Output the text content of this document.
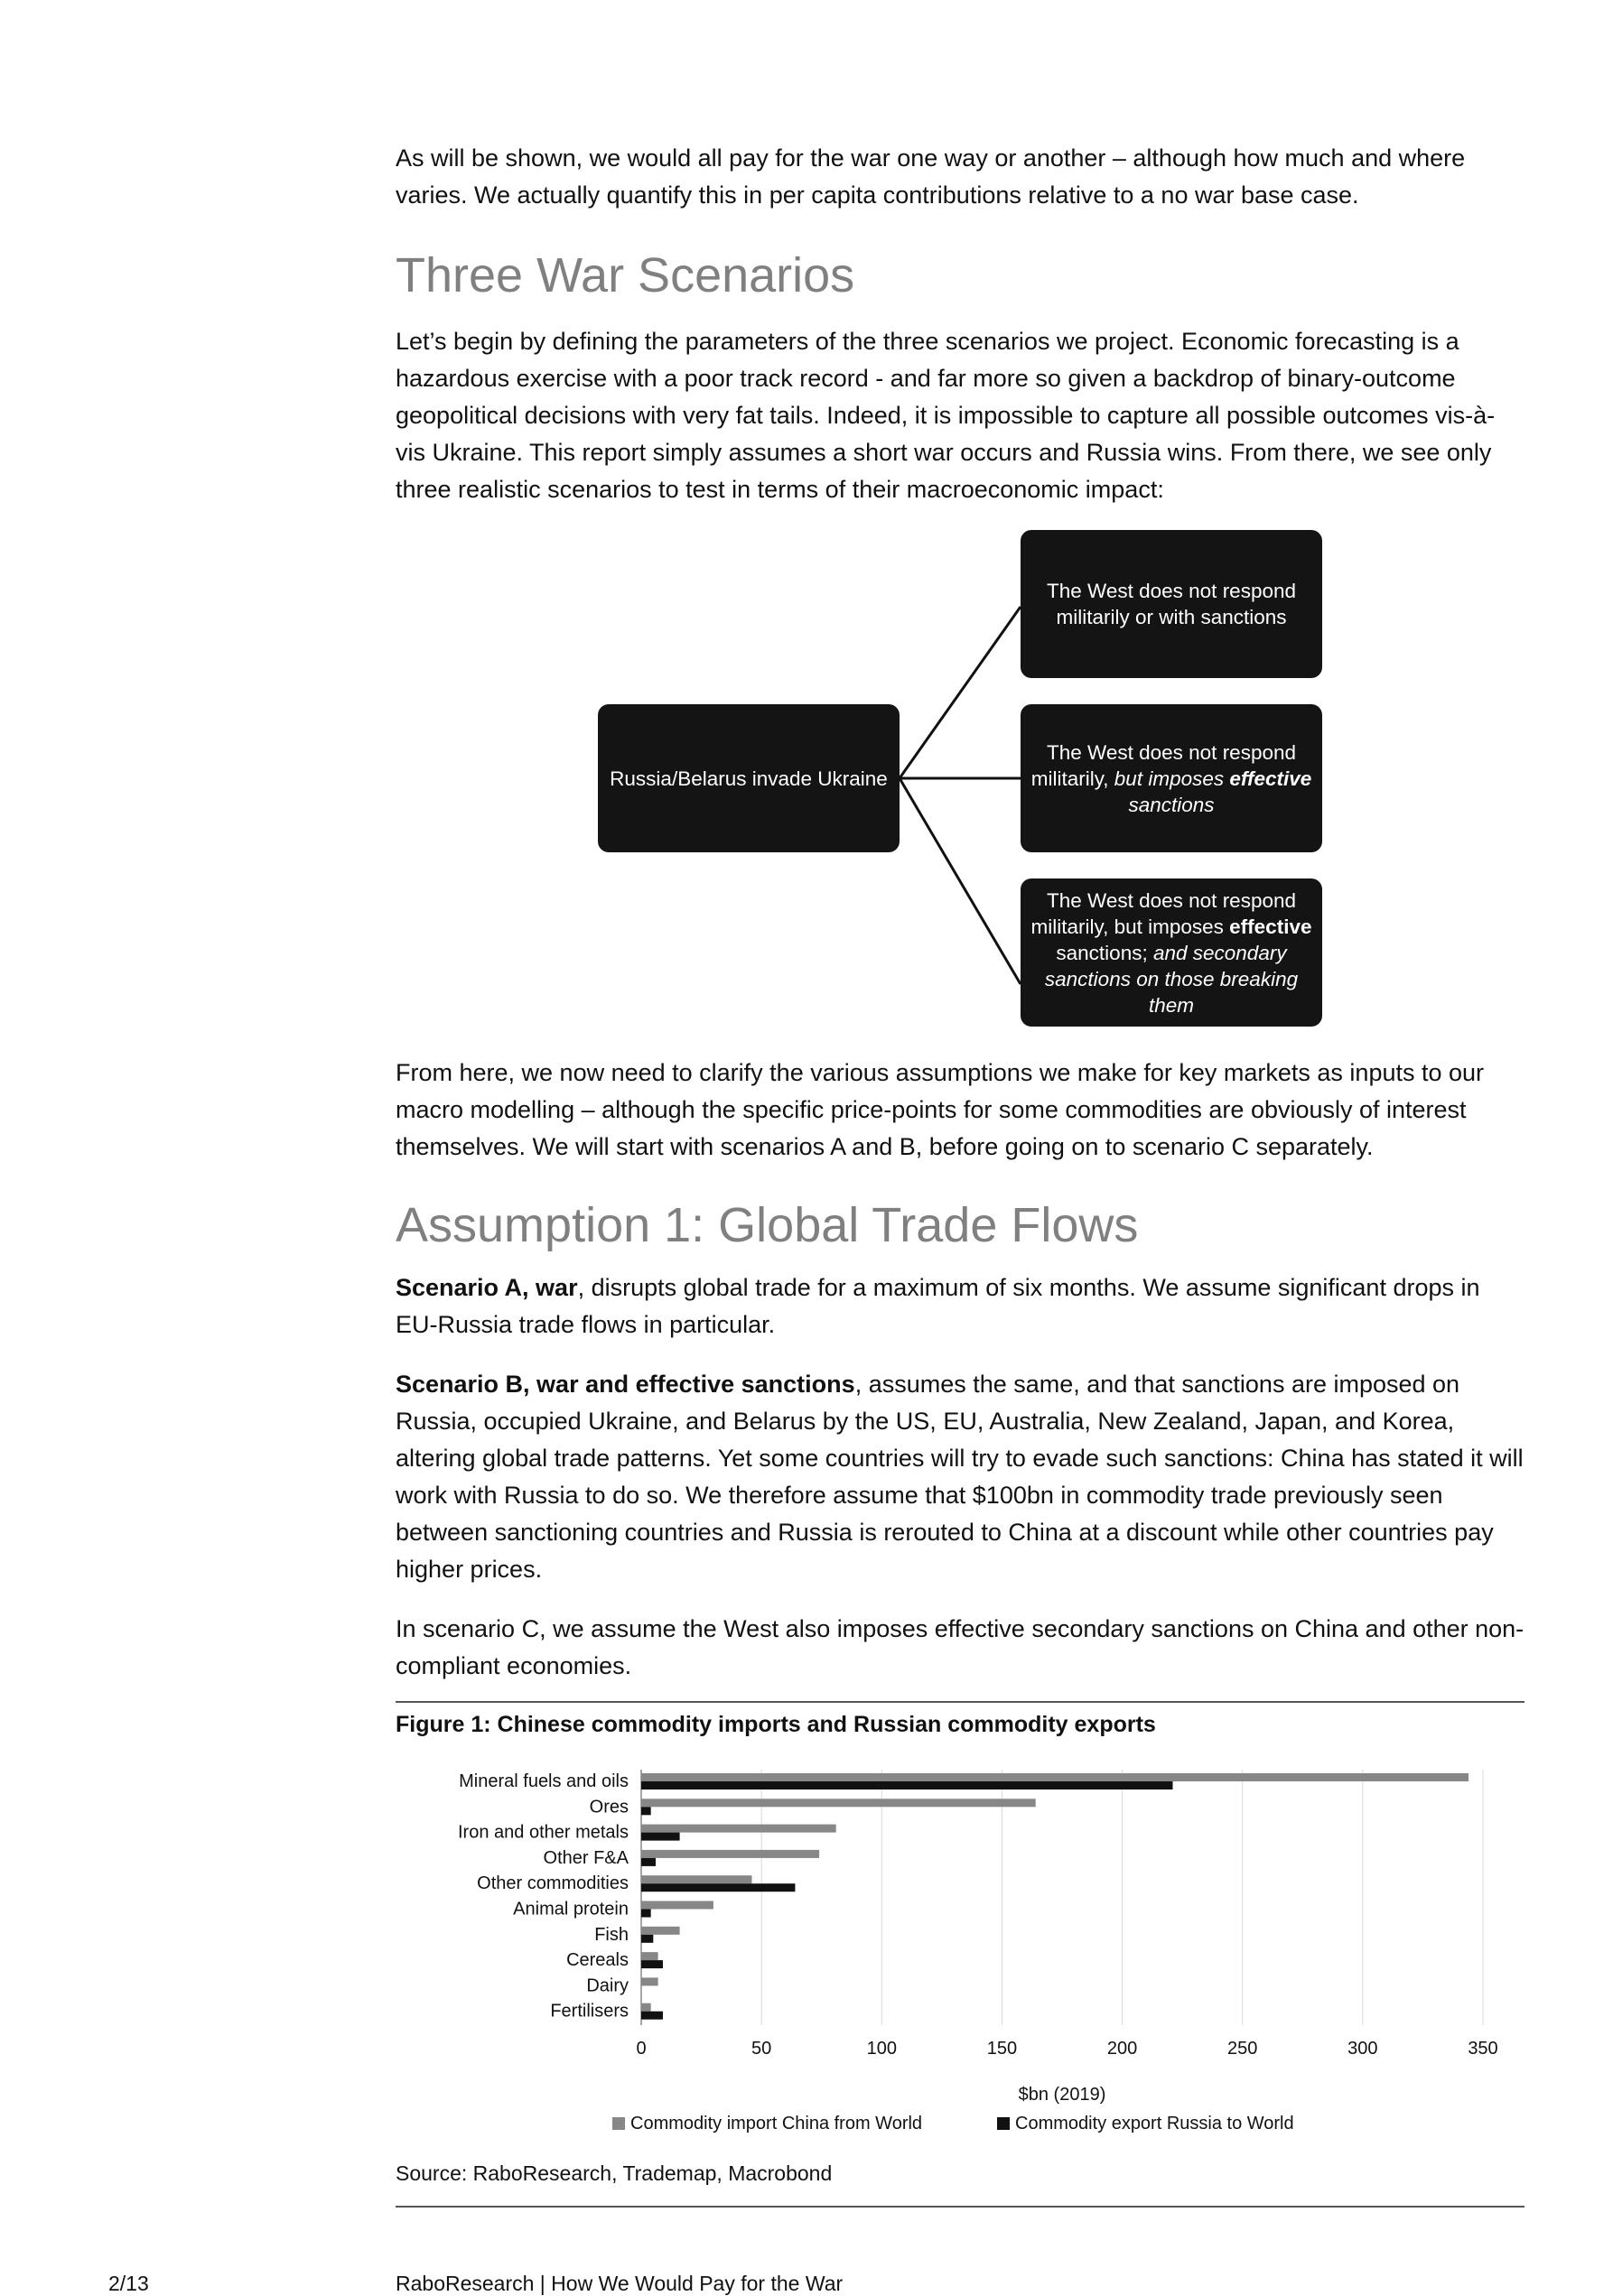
As will be shown, we would all pay for the war one way or another – although how much and where varies. We actually quantify this in per capita contributions relative to a no war base case.

Three War Scenarios

Let’s begin by defining the parameters of the three scenarios we project. Economic forecasting is a hazardous exercise with a poor track record - and far more so given a backdrop of binary-outcome geopolitical decisions with very fat tails. Indeed, it is impossible to capture all possible outcomes vis-à-vis Ukraine. This report simply assumes a short war occurs and Russia wins. From there, we see only three realistic scenarios to test in terms of their macroeconomic impact:

Russia/Belarus invade Ukraine
The West does not respond militarily or with sanctions
The West does not respond militarily, but imposes effective sanctions
The West does not respond militarily, but imposes effective sanctions; and secondary sanctions on those breaking them

From here, we now need to clarify the various assumptions we make for key markets as inputs to our macro modelling – although the specific price-points for some commodities are obviously of interest themselves. We will start with scenarios A and B, before going on to scenario C separately.

Assumption 1: Global Trade Flows

Scenario A, war, disrupts global trade for a maximum of six months. We assume significant drops in EU-Russia trade flows in particular.

Scenario B, war and effective sanctions, assumes the same, and that sanctions are imposed on Russia, occupied Ukraine, and Belarus by the US, EU, Australia, New Zealand, Japan, and Korea, altering global trade patterns. Yet some countries will try to evade such sanctions: China has stated it will work with Russia to do so. We therefore assume that $100bn in commodity trade previously seen between sanctioning countries and Russia is rerouted to China at a discount while other countries pay higher prices.

In scenario C, we assume the West also imposes effective secondary sanctions on China and other non-compliant economies.

Figure 1: Chinese commodity imports and Russian commodity exports
$bn (2019)
Commodity import China from World	Commodity export Russia to World
0	50	100	150	200	250	300	350
Mineral fuels and oils
Ores
Iron and other metals
Other F&A
Other commodities
Animal protein
Fish
Cereals
Dairy
Fertilisers
Source: RaboResearch, Trademap, Macrobond
2/13	RaboResearch | How We Would Pay for the War
